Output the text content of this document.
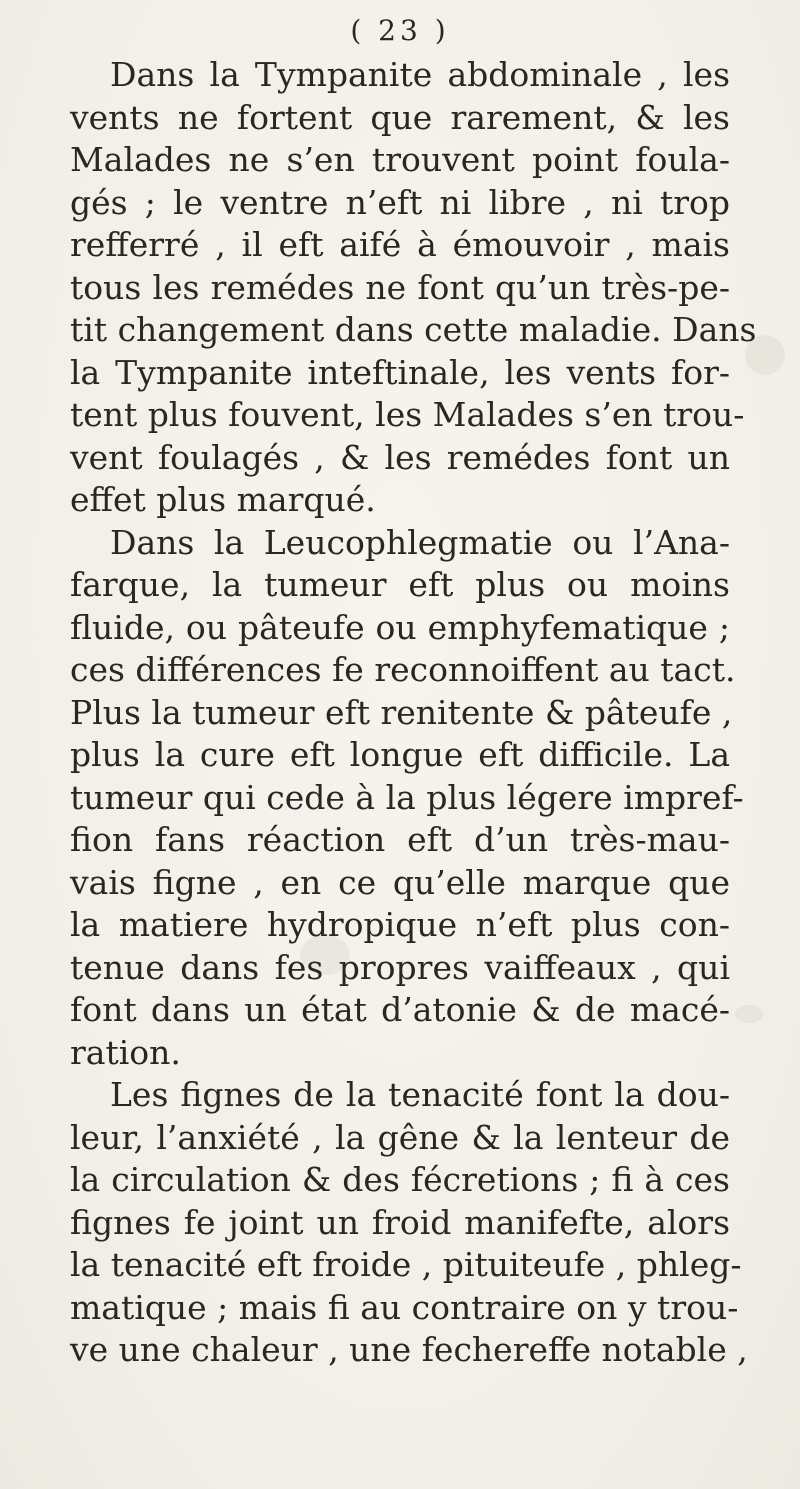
( 23 )
Dans la Tympanite abdominale , les
vents ne fortent que rarement, & les
Malades ne s’en trouvent point foula-
gés ; le ventre n’eft ni libre , ni trop
refferré , il eft aifé à émouvoir , mais
tous les remédes ne font qu’un très-pe-
tit changement dans cette maladie. Dans
la Tympanite inteftinale, les vents for-
tent plus fouvent, les Malades s’en trou-
vent foulagés , & les remédes font un
effet plus marqué.
Dans la Leucophlegmatie ou l’Ana-
farque, la tumeur eft plus ou moins
fluide, ou pâteufe ou emphyfematique ;
ces différences fe reconnoiffent au tact.
Plus la tumeur eft renitente & pâteufe ,
plus la cure eft longue eft difficile. La
tumeur qui cede à la plus légere impref-
fion fans réaction eft d’un très-mau-
vais figne , en ce qu’elle marque que
la matiere hydropique n’eft plus con-
tenue dans fes propres vaiffeaux , qui
font dans un état d’atonie & de macé-
ration.
Les fignes de la tenacité font la dou-
leur, l’anxiété , la gêne & la lenteur de
la circulation & des fécretions ; fi à ces
fignes fe joint un froid manifefte, alors
la tenacité eft froide , pituiteufe , phleg-
matique ; mais fi au contraire on y trou-
ve une chaleur , une fechereffe notable ,
